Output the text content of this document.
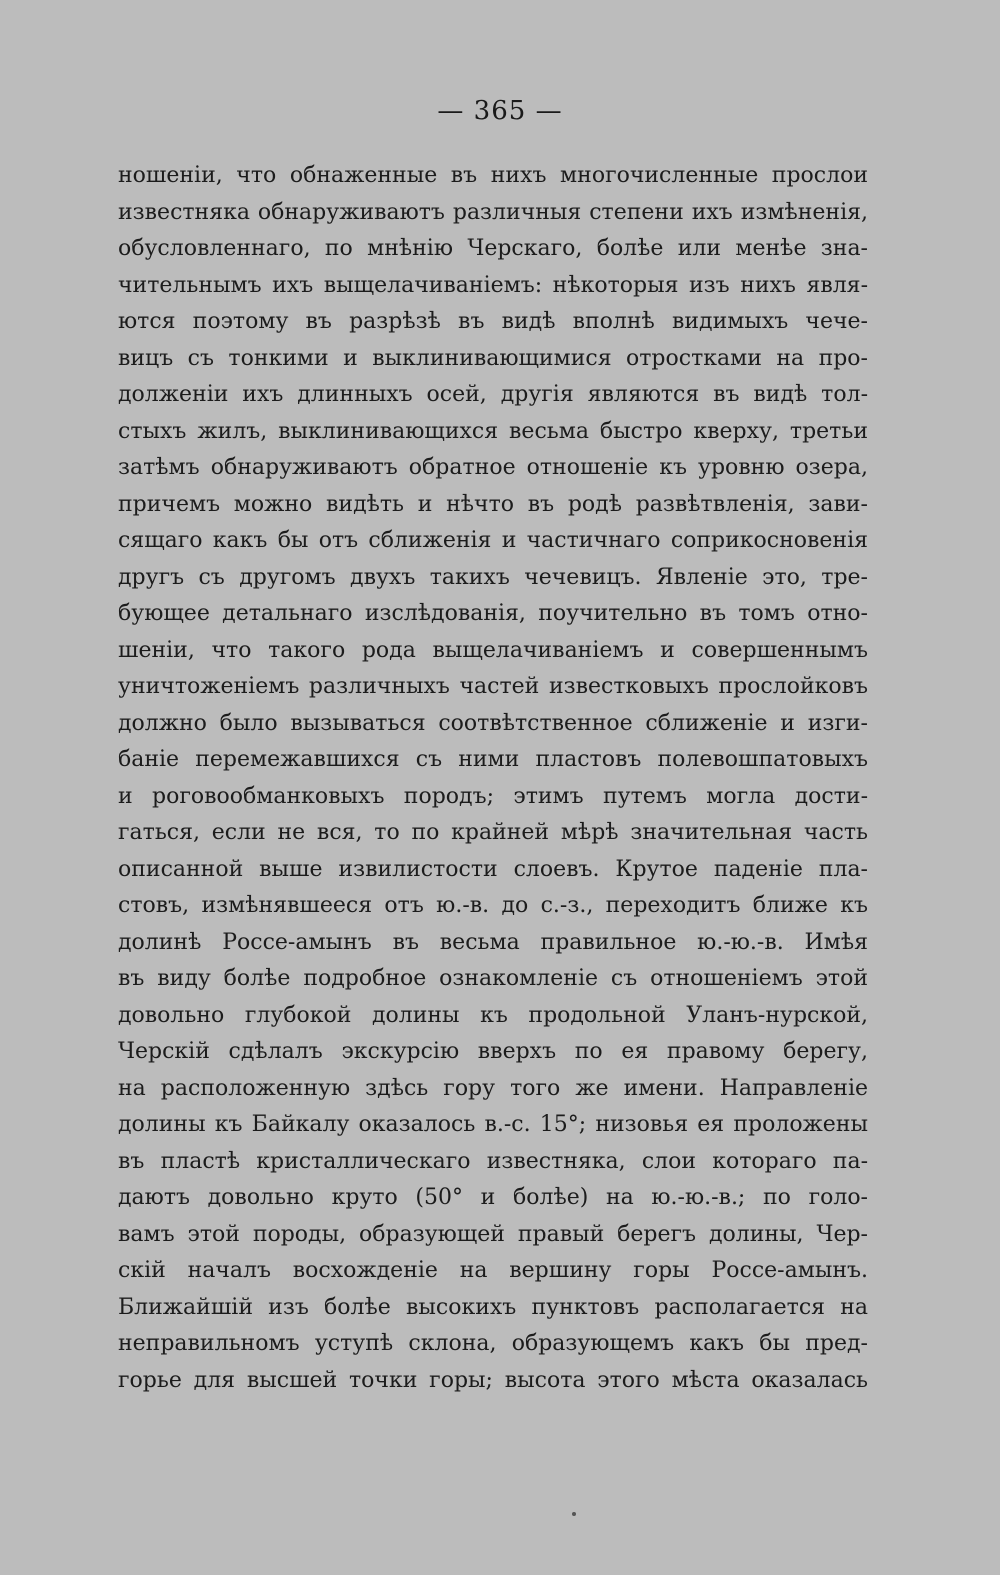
— 365 —
ношеніи, что обнаженные въ нихъ многочисленные прослои
известняка обнаруживаютъ различныя степени ихъ измѣненія,
обусловленнаго, по мнѣнію Черскаго, болѣе или менѣе зна-
чительнымъ ихъ выщелачиваніемъ: нѣкоторыя изъ нихъ явля-
ются поэтому въ разрѣзѣ въ видѣ вполнѣ видимыхъ чече-
вицъ съ тонкими и выклинивающимися отростками на про-
долженіи ихъ длинныхъ осей, другія являются въ видѣ тол-
стыхъ жилъ, выклинивающихся весьма быстро кверху, третьи
затѣмъ обнаруживаютъ обратное отношеніе къ уровню озера,
причемъ можно видѣть и нѣчто въ родѣ развѣтвленія, зави-
сящаго какъ бы отъ сближенія и частичнаго соприкосновенія
другъ съ другомъ двухъ такихъ чечевицъ. Явленіе это, тре-
бующее детальнаго изслѣдованія, поучительно въ томъ отно-
шеніи, что такого рода выщелачиваніемъ и совершеннымъ
уничтоженіемъ различныхъ частей известковыхъ прослойковъ
должно было вызываться соотвѣтственное сближеніе и изги-
баніе перемежавшихся съ ними пластовъ полевошпатовыхъ
и роговообманковыхъ породъ; этимъ путемъ могла дости-
гаться, если не вся, то по крайней мѣрѣ значительная часть
описанной выше извилистости слоевъ. Крутое паденіе пла-
стовъ, измѣнявшееся отъ ю.-в. до с.-з., переходитъ ближе къ
долинѣ Россе-амынъ въ весьма правильное ю.-ю.-в. Имѣя
въ виду болѣе подробное ознакомленіе съ отношеніемъ этой
довольно глубокой долины къ продольной Уланъ-нурской,
Черскій сдѣлалъ экскурсію вверхъ по ея правому берегу,
на расположенную здѣсь гору того же имени. Направленіе
долины къ Байкалу оказалось в.-с. 15°; низовья ея проложены
въ пластѣ кристаллическаго известняка, слои котораго па-
даютъ довольно круто (50° и болѣе) на ю.-ю.-в.; по голо-
вамъ этой породы, образующей правый берегъ долины, Чер-
скій началъ восхожденіе на вершину горы Россе-амынъ.
Ближайшій изъ болѣе высокихъ пунктовъ располагается на
неправильномъ уступѣ склона, образующемъ какъ бы пред-
горье для высшей точки горы; высота этого мѣста оказалась
